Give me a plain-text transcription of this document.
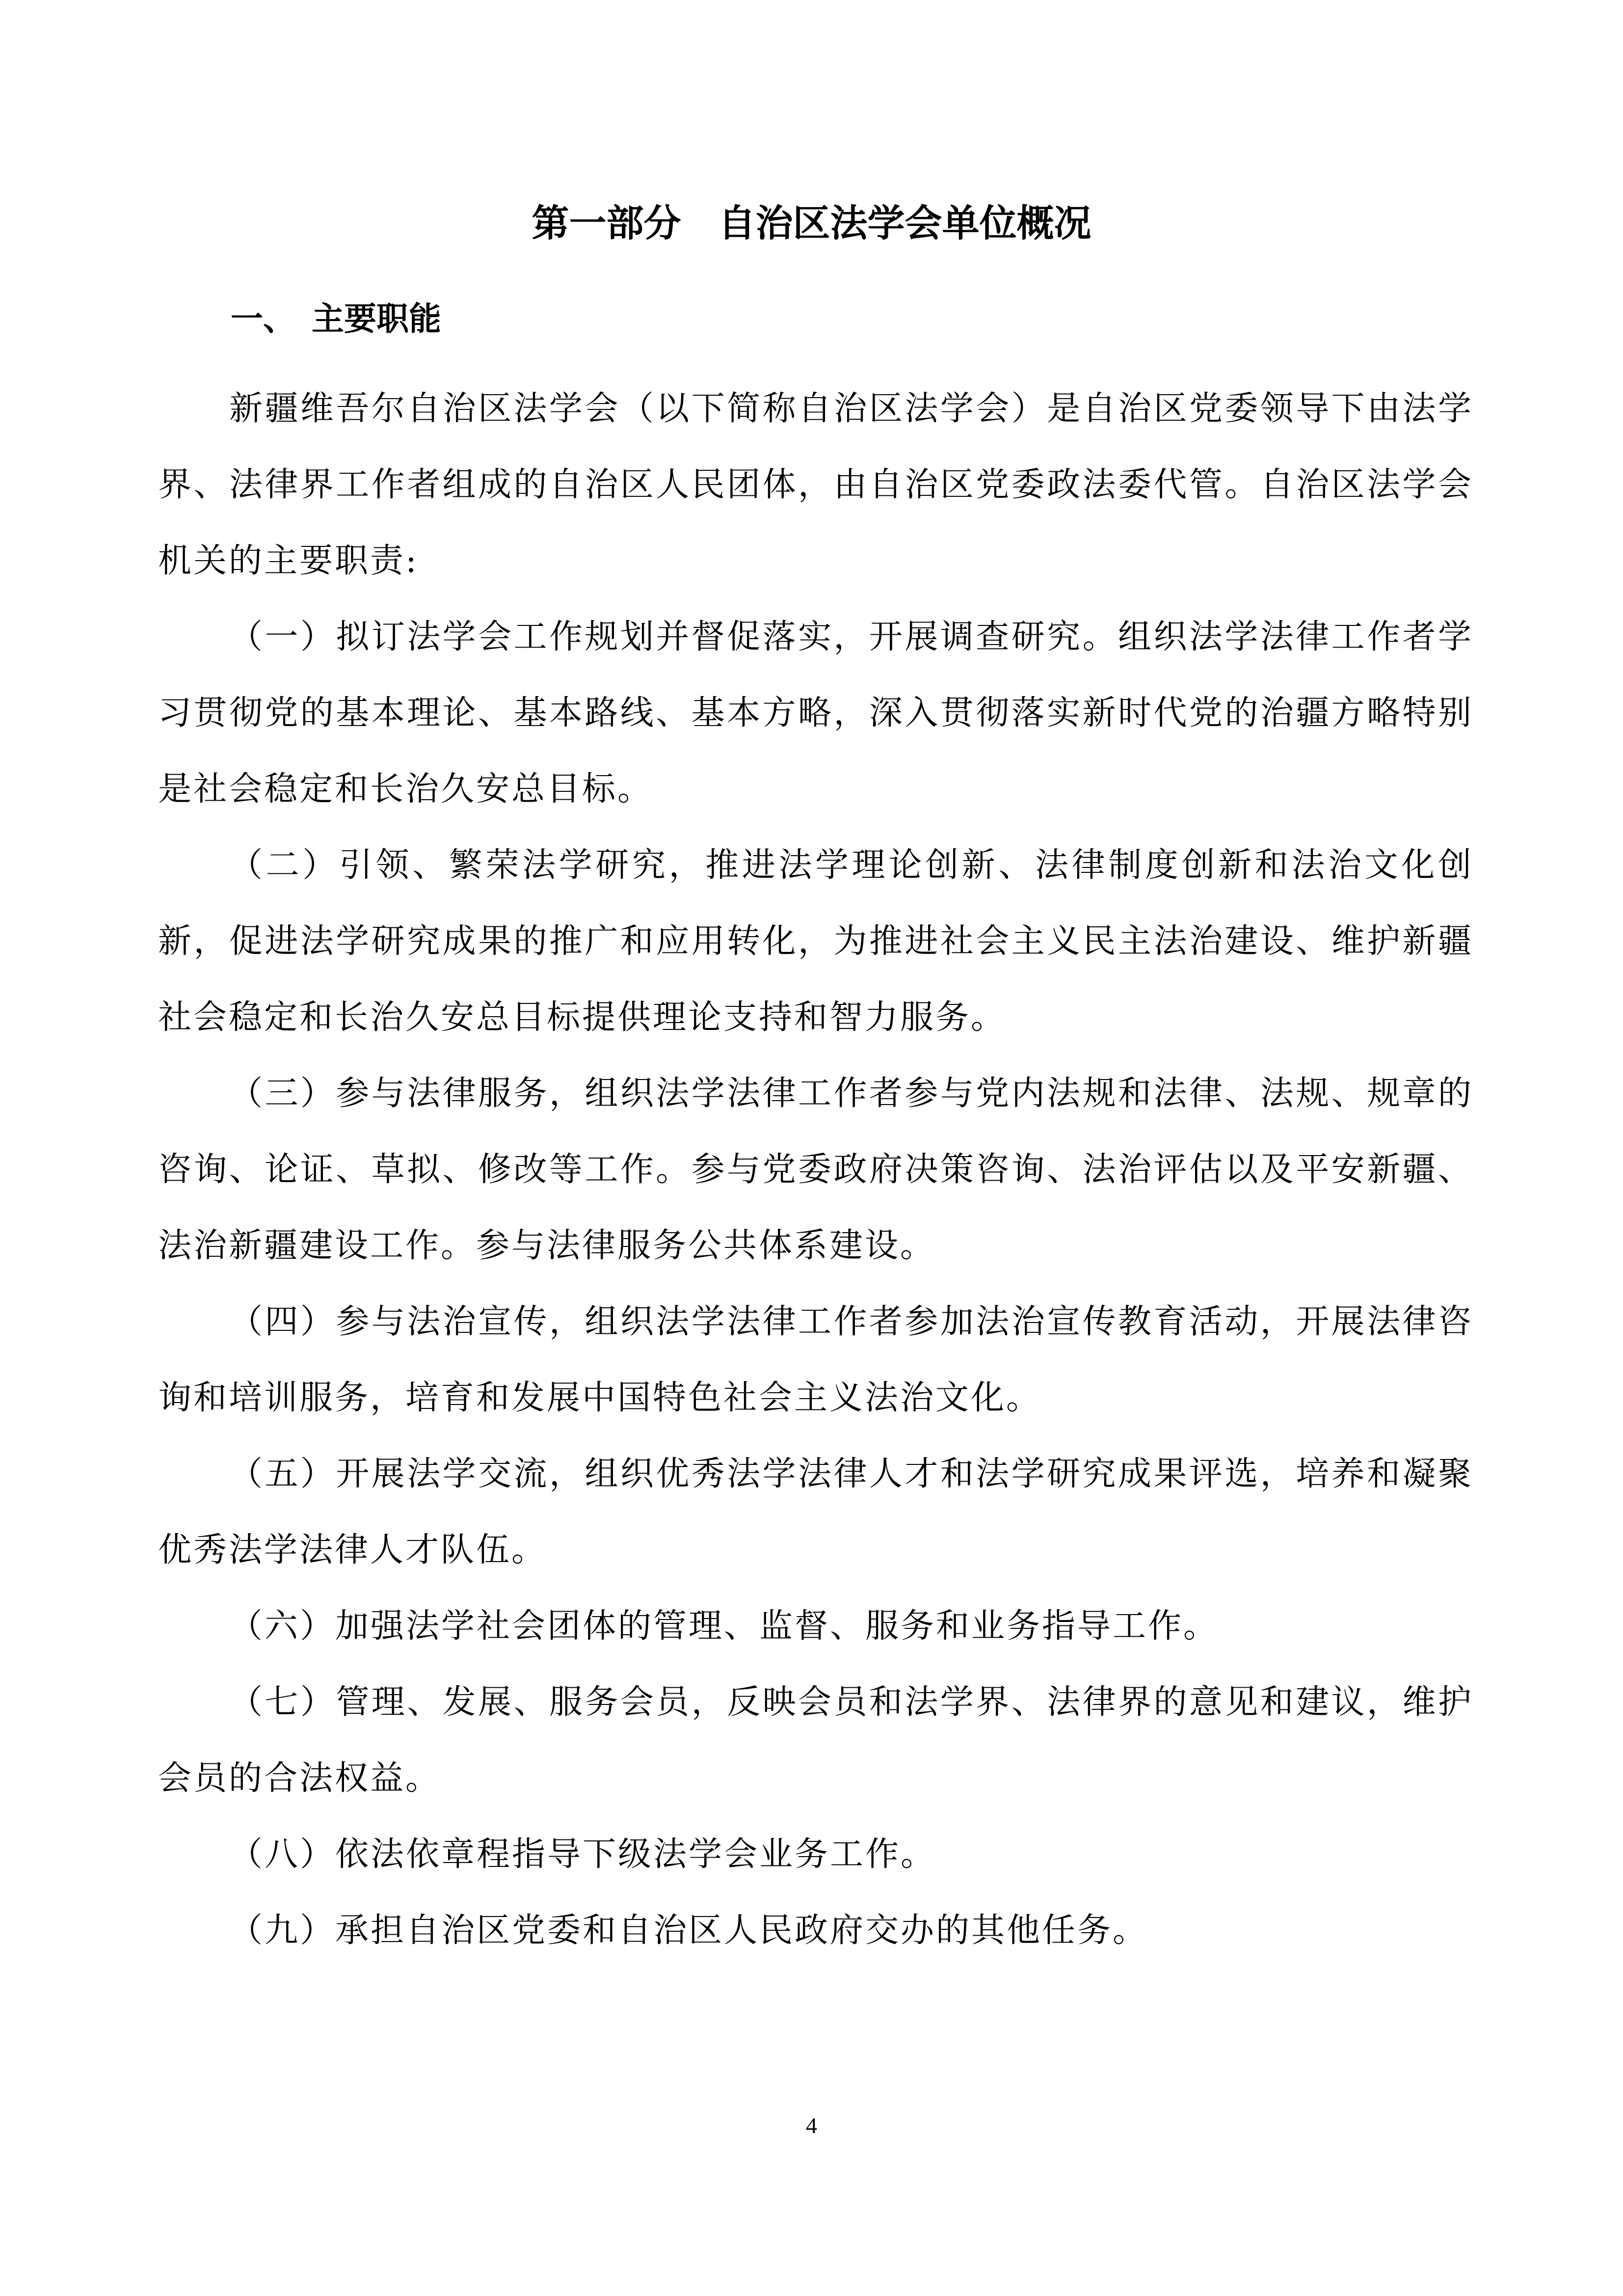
第一部分　自治区法学会单位概况
一、　主要职能

新疆维吾尔自治区法学会（以下简称自治区法学会）是自治区党委领导下由法学界、法律界工作者组成的自治区人民团体，由自治区党委政法委代管。自治区法学会机关的主要职责:

（一）拟订法学会工作规划并督促落实，开展调查研究。组织法学法律工作者学习贯彻党的基本理论、基本路线、基本方略，深入贯彻落实新时代党的治疆方略特别是社会稳定和长治久安总目标。

（二）引领、繁荣法学研究，推进法学理论创新、法律制度创新和法治文化创新，促进法学研究成果的推广和应用转化，为推进社会主义民主法治建设、维护新疆社会稳定和长治久安总目标提供理论支持和智力服务。

（三）参与法律服务，组织法学法律工作者参与党内法规和法律、法规、规章的咨询、论证、草拟、修改等工作。参与党委政府决策咨询、法治评估以及平安新疆、法治新疆建设工作。参与法律服务公共体系建设。

（四）参与法治宣传，组织法学法律工作者参加法治宣传教育活动，开展法律咨询和培训服务，培育和发展中国特色社会主义法治文化。

（五）开展法学交流，组织优秀法学法律人才和法学研究成果评选，培养和凝聚优秀法学法律人才队伍。

（六）加强法学社会团体的管理、监督、服务和业务指导工作。

（七）管理、发展、服务会员，反映会员和法学界、法律界的意见和建议，维护会员的合法权益。

（八）依法依章程指导下级法学会业务工作。

（九）承担自治区党委和自治区人民政府交办的其他任务。

4
